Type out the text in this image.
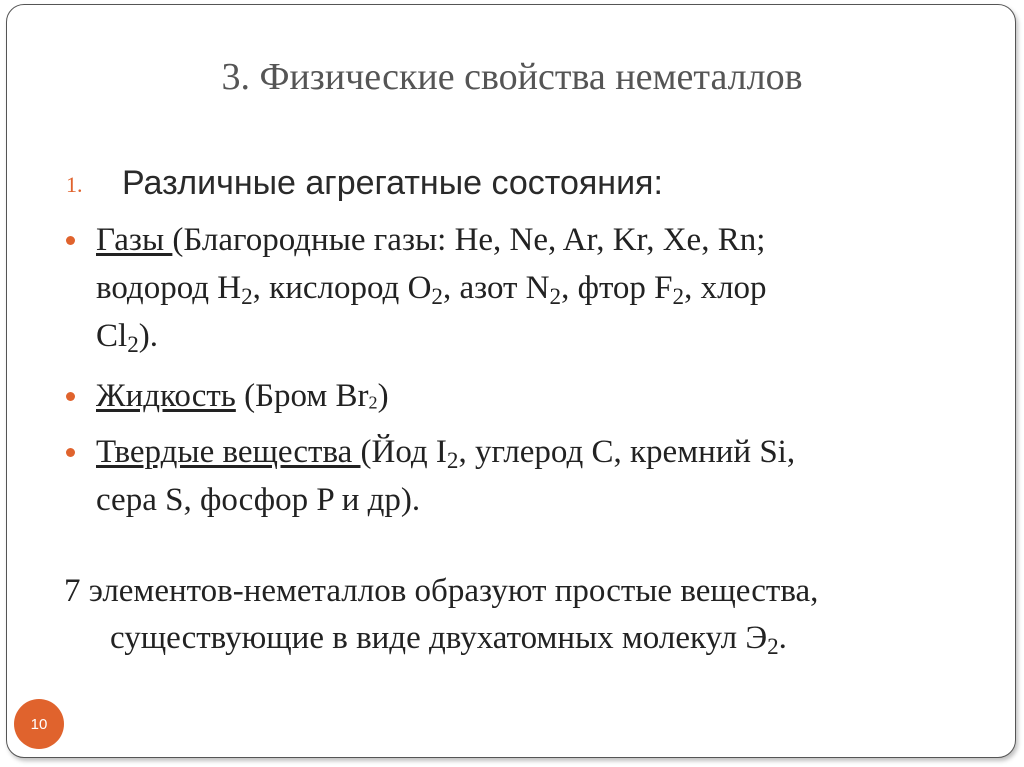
3. Физические свойства неметаллов
1. Различные агрегатные состояния:
Газы (Благородные газы: He, Ne, Ar, Kr, Xe, Rn;
водород $H_2$, кислород $O_2$, азот $N_2$, фтор $F_2$, хлор
$Cl_2$).
Жидкость (Бром Br2)
Твердые вещества (Йод $I_2$, углерод C, кремний Si,
сера S, фосфор P и др).
7 элементов-неметаллов образуют простые вещества,
существующие в виде двухатомных молекул $Э_2$.
10
